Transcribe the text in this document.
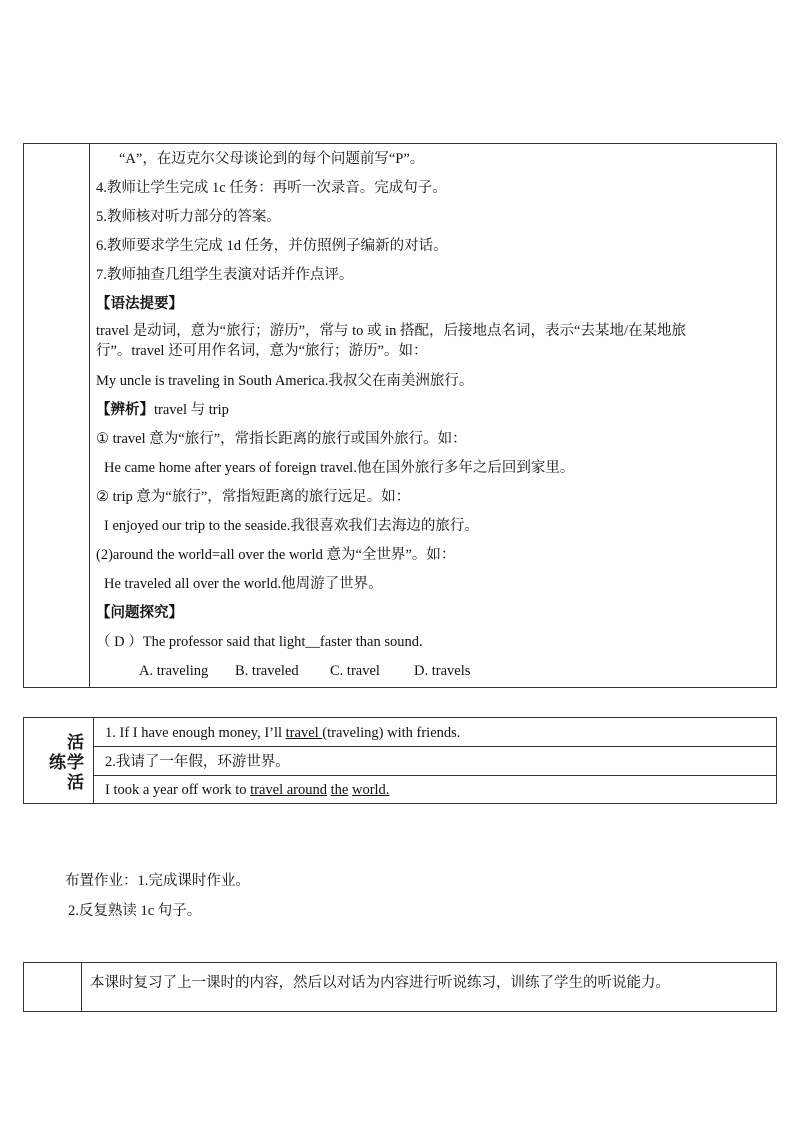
“A”，在迈克尔父母谈论到的每个问题前写“P”。
4.教师让学生完成 1c 任务：再听一次录音。完成句子。
5.教师核对听力部分的答案。
6.教师要求学生完成 1d 任务，并仿照例子编新的对话。
7.教师抽查几组学生表演对话并作点评。
【语法提要】
travel 是动词，意为“旅行；游历”，常与 to 或 in 搭配，后接地点名词，表示“去某地/在某地旅
行”。travel 还可用作名词，意为“旅行；游历”。如：
My uncle is traveling in South America.我叔父在南美洲旅行。
【辨析】travel 与 trip
① travel 意为“旅行”，常指长距离的旅行或国外旅行。如：
He came home after years of foreign travel.他在国外旅行多年之后回到家里。
② trip 意为“旅行”，常指短距离的旅行远足。如：
I enjoyed our trip to the seaside.我很喜欢我们去海边的旅行。
(2)around the world=all over the world 意为“全世界”。如：
He traveled all over the world.他周游了世界。
【问题探究】
（ D ）The professor said that light__faster than sound.
A. traveling B. traveled C. travel D. travels
活
练 学
活
1. If I have enough money, I’ll travel (traveling) with friends.
2.我请了一年假，环游世界。
I took a year off work to travel around the world.
布置作业：1.完成课时作业。
2.反复熟读 1c 句子。
本课时复习了上一课时的内容，然后以对话为内容进行听说练习，训练了学生的听说能力。
